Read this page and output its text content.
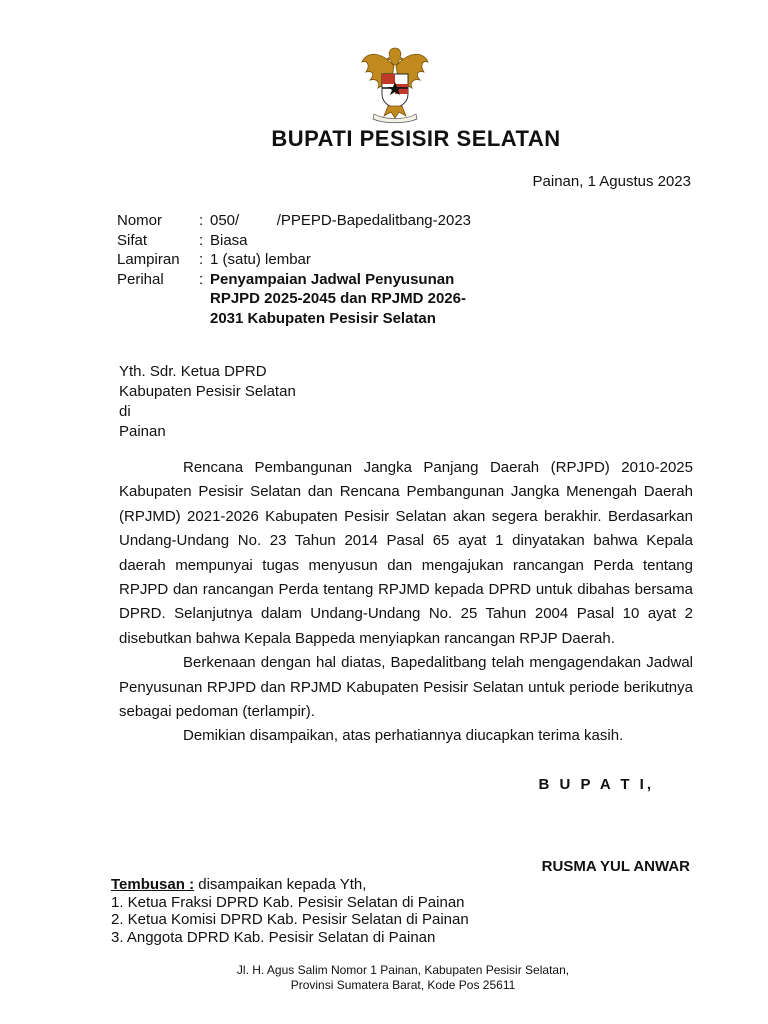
BUPATI PESISIR SELATAN
Painan, 1 Agustus 2023
Nomor	: 050/         /PPEPD-Bapedalitbang-2023
Sifat	: Biasa
Lampiran	: 1 (satu) lembar
Perihal	: Penyampaian Jadwal Penyusunan RPJPD 2025-2045 dan RPJMD 2026-2031 Kabupaten Pesisir Selatan
Yth. Sdr. Ketua DPRD
Kabupaten Pesisir Selatan
di
Painan

Rencana Pembangunan Jangka Panjang Daerah (RPJPD) 2010-2025 Kabupaten Pesisir Selatan dan Rencana Pembangunan Jangka Menengah Daerah (RPJMD) 2021-2026 Kabupaten Pesisir Selatan akan segera berakhir. Berdasarkan Undang-Undang No. 23 Tahun 2014 Pasal 65 ayat 1 dinyatakan bahwa Kepala daerah mempunyai tugas menyusun dan mengajukan rancangan Perda tentang RPJPD dan rancangan Perda tentang RPJMD kepada DPRD untuk dibahas bersama DPRD. Selanjutnya dalam Undang-Undang No. 25 Tahun 2004 Pasal 10 ayat 2 disebutkan bahwa Kepala Bappeda menyiapkan rancangan RPJP Daerah.

Berkenaan dengan hal diatas, Bapedalitbang telah mengagendakan Jadwal Penyusunan RPJPD dan RPJMD Kabupaten Pesisir Selatan untuk periode berikutnya sebagai pedoman (terlampir).

Demikian disampaikan, atas perhatiannya diucapkan terima kasih.

B U P A T I,
RUSMA YUL ANWAR
Tembusan : disampaikan kepada Yth,
1. Ketua Fraksi DPRD Kab. Pesisir Selatan di Painan
2. Ketua Komisi DPRD Kab. Pesisir Selatan di Painan
3. Anggota DPRD Kab. Pesisir Selatan di Painan
Jl. H. Agus Salim Nomor 1 Painan, Kabupaten Pesisir Selatan,
Provinsi Sumatera Barat, Kode Pos 25611
